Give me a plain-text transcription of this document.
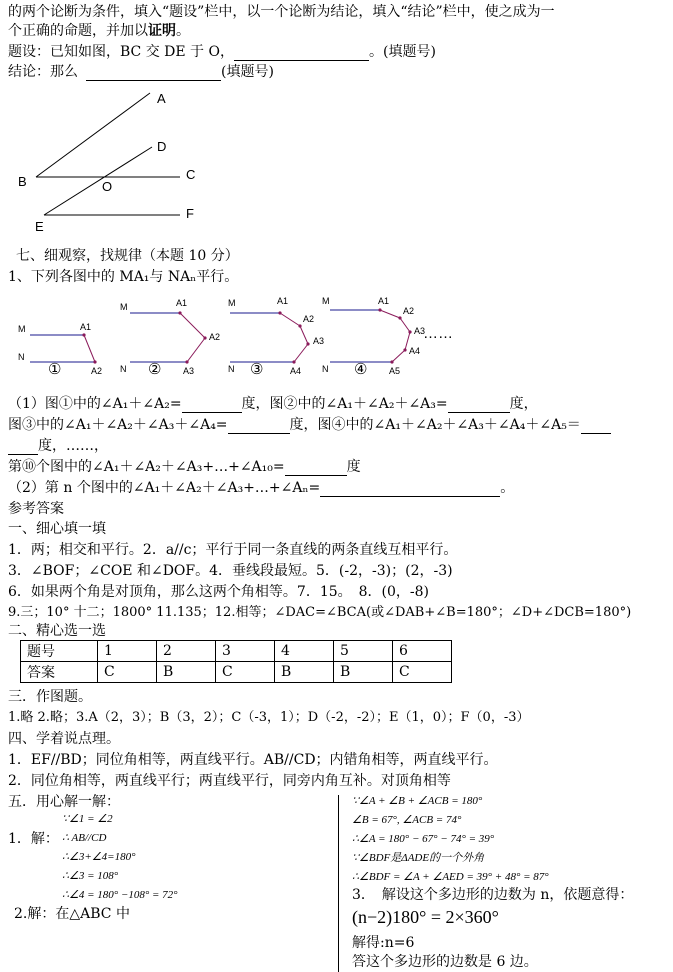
的两个论断为条件，填入“题设”栏中，以一个论断为结论，填入“结论”栏中，使之成为一
个正确的命题，并加以证明。
题设：已知如图，BC 交 DE 于 O，	。(填题号)
结论：那么	(填题号)
A
B	C
D
E
F
O
七、细观察，找规律（本题 10 分）
1、下列各图中的 MA₁与 NAₙ平行。
M
N
A1
A2
M
N
A1
A2
A3
M
N
A1
A2
A3
A4
M
N
A1
A2
A3
A4
A5
……
①	②	③	④
（1）图①中的∠A₁＋∠A₂=	度，图②中的∠A₁＋∠A₂＋∠A₃=	度，
图③中的∠A₁＋∠A₂＋∠A₃＋∠A₄=	度，图④中的∠A₁＋∠A₂＋∠A₃＋∠A₄＋∠A₅＝
度，……，
第⑩个图中的∠A₁＋∠A₂＋∠A₃+…+∠A₁₀=	度
（2）第 n 个图中的∠A₁＋∠A₂＋∠A₃+…+∠Aₙ=	。
参考答案
一、细心填一填
1．两；相交和平行。2．a//c；平行于同一条直线的两条直线互相平行。
3．∠BOF；∠COE 和∠DOF。4．垂线段最短。5．(-2，-3)；(2，-3)
6．如果两个角是对顶角，那么这两个角相等。7．15。　8．(0，-8)
9.三；10° 十二；1800° 11.135；12.相等；∠DAC=∠BCA(或∠DAB+∠B=180°；∠D+∠DCB=180°)
二、精心选一选
题号	1	2	3	4	5	6
答案	C	B	C	B	B	C
三．作图题。
1.略 2.略；3.A（2，3）；B（3，2）；C（-3，1）；D（-2，-2）；E（1，0）；F（0，-3）
四、学着说点理。
1．EF//BD；同位角相等，两直线平行。AB//CD；内错角相等，两直线平行。
2．同位角相等，两直线平行；两直线平行，同旁内角互补。对顶角相等
五．用心解一解：
∵∠1 = ∠2
1．解： ∴ AB//CD
∴∠3+∠4=180°
∴∠3 = 108°
∴∠4 = 180° −108° = 72°
2.解：在△ABC 中
∵∠A + ∠B + ∠ACB = 180°
∠B = 67°, ∠ACB = 74°
∴∠A = 180° − 67° − 74° = 39°
∵∠BDF是ΔADE的一个外角
∴∠BDF = ∠A + ∠AED = 39° + 48° = 87°
3．　解设这个多边形的边数为 n，依题意得：
(n−2)180° = 2×360°
解得:n=6
答这个多边形的边数是 6 边。
